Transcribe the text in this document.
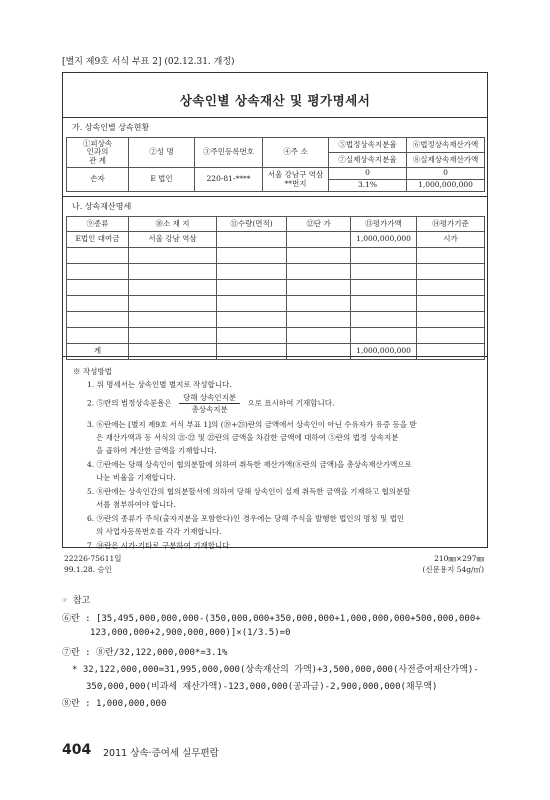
[별지 제9호 서식 부표 2] (02.12.31. 개정)
상속인별 상속재산 및 평가명세서
가. 상속인별 상속현황
①피상속
인과의
관 계	②성 명	③주민등록번호	④주 소	⑤법정상속지분율	⑥법정상속재산가액
				⑦실제상속지분율	⑧실제상속재산가액
손자	E 법인	220-81-****	서울 강남구 역삼
**번지	0	0
				3.1%	1,000,000,000
나. 상속재산명세
⑨종류	⑩소 재 지	⑪수량(면적)	⑫단 가	⑬평가가액	⑭평가기준
E법인 대여금	서울 강남 역삼			1,000,000,000	시가

계				1,000,000,000	
※ 작성방법
1. 위 명세서는 상속인별 별지로 작성합니다.
2. ⑤란의 법정상속분율은 $\frac{\text{당해 상속인지분}}{\text{총상속지분}}$ 으로 표시하여 기재합니다.
3. ⑥란에는 [별지 제9호 서식 부표 1]의 (⑲+㉓)란의 금액에서 상속인이 아닌 수유자가 유증 등을 받
은 재산가액과 동 서식의 ㉑·㉒ 및 ㉒란의 금액을 차감한 금액에 대하여 ⑤란의 법정 상속지분
을 곱하여 계산한 금액을 기재합니다.
4. ⑦란에는 당해 상속인이 협의분할에 의하여 취득한 재산가액(⑧란의 금액)을 총상속재산가액으로
나눈 비율을 기재합니다.
5. ⑧란에는 상속인간의 협의분할서에 의하여 당해 상속인이 실제 취득한 금액을 기재하고 협의분할
서를 첨부하여야 합니다.
6. ⑨란의 종류가 주식(출자지분을 포함한다)인 경우에는 당해 주식을 발행한 법인의 명칭 및 법인
의 사업자등록번호를 각각 기재합니다.
7. ⑭란은 시가·기타로 구분하여 기재합니다.
22226-75611일
99.1.28. 승인
210㎜×297㎜
(신문용지 54g/㎡)
☞ 참고
⑥란 : [35,495,000,000,000-(350,000,000+350,000,000+1,000,000,000+500,000,000+
123,000,000+2,900,000,000)]×(1/3.5)=0
⑦란 : ⑧란/32,122,000,000*=3.1%
* 32,122,000,000=31,995,000,000(상속재산의 가액)+3,500,000,000(사전증여재산가액)-
350,000,000(비과세 재산가액)-123,000,000(공과금)-2,900,000,000(채무액)
⑧란 : 1,000,000,000
404 2011 상속·증여세 실무편람
